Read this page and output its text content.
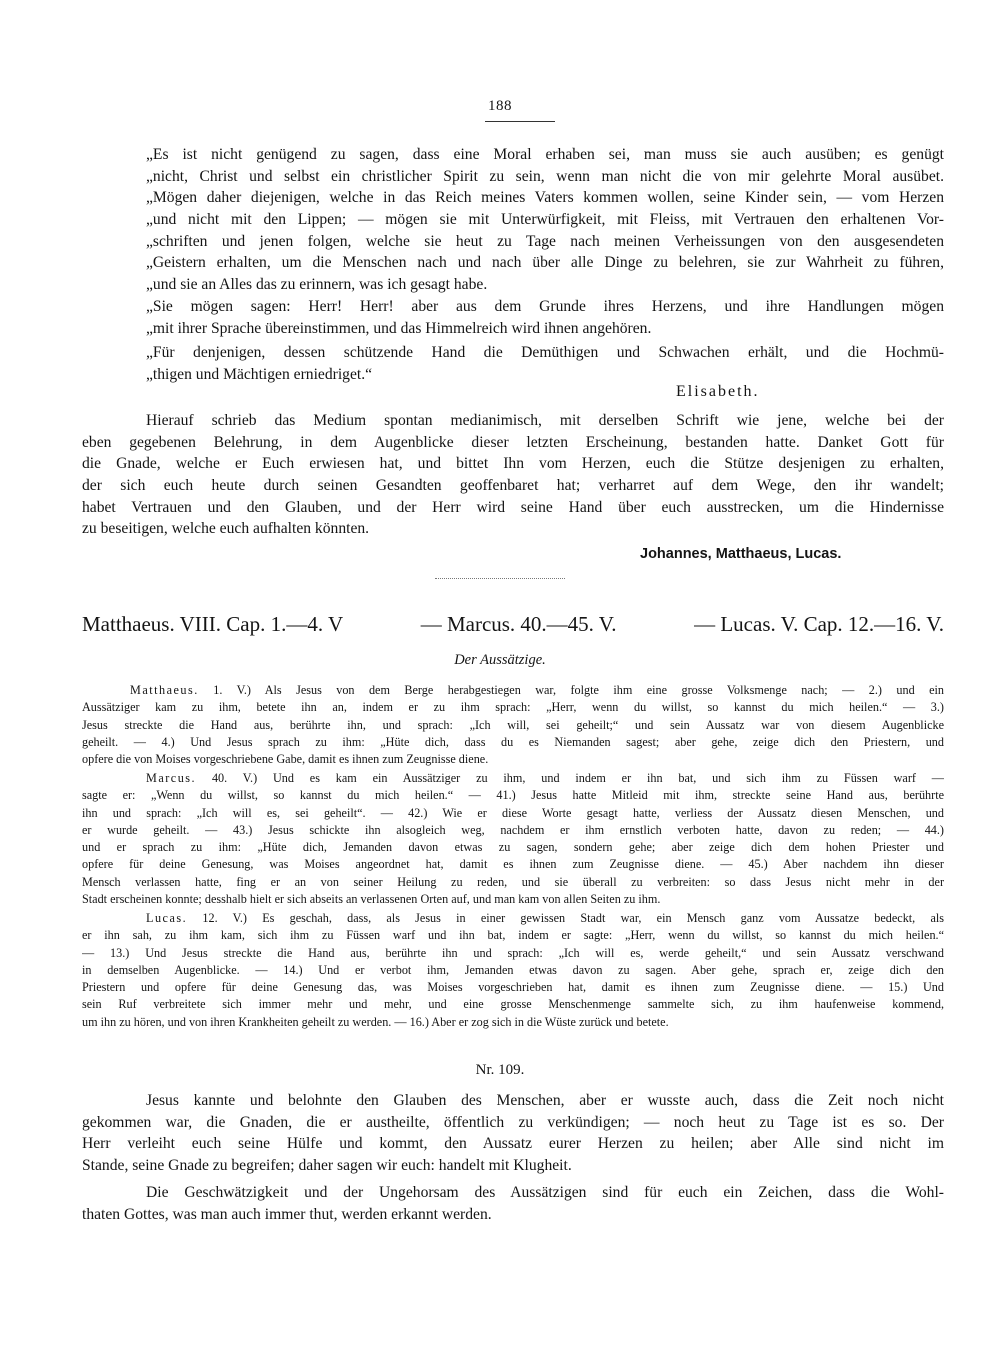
188
„Es ist nicht genügend zu sagen, dass eine Moral erhaben sei, man muss sie auch ausüben; es genügt
„nicht, Christ und selbst ein christlicher Spirit zu sein, wenn man nicht die von mir gelehrte Moral ausübet.
„Mögen daher diejenigen, welche in das Reich meines Vaters kommen wollen, seine Kinder sein, — vom Herzen
„und nicht mit den Lippen; — mögen sie mit Unterwürfigkeit, mit Fleiss, mit Vertrauen den erhaltenen Vor-
„schriften und jenen folgen, welche sie heut zu Tage nach meinen Verheissungen von den ausgesendeten
„Geistern erhalten, um die Menschen nach und nach über alle Dinge zu belehren, sie zur Wahrheit zu führen,
„und sie an Alles das zu erinnern, was ich gesagt habe.
„Sie mögen sagen: Herr! Herr! aber aus dem Grunde ihres Herzens, und ihre Handlungen mögen
„mit ihrer Sprache übereinstimmen, und das Himmelreich wird ihnen angehören.
„Für denjenigen, dessen schützende Hand die Demüthigen und Schwachen erhält, und die Hochmü-
„thigen und Mächtigen erniedriget.“
Elisabeth.
Hierauf schrieb das Medium spontan medianimisch, mit derselben Schrift wie jene, welche bei der
eben gegebenen Belehrung, in dem Augenblicke dieser letzten Erscheinung, bestanden hatte. Danket Gott für
die Gnade, welche er Euch erwiesen hat, und bittet Ihn vom Herzen, euch die Stütze desjenigen zu erhalten,
der sich euch heute durch seinen Gesandten geoffenbaret hat; verharret auf dem Wege, den ihr wandelt;
habet Vertrauen und den Glauben, und der Herr wird seine Hand über euch ausstrecken, um die Hindernisse
zu beseitigen, welche euch aufhalten könnten.
Johannes, Matthaeus, Lucas.
Matthaeus. VIII. Cap. 1.—4. V	— Marcus. 40.—45. V.	— Lucas. V. Cap. 12.—16. V.
Der Aussätzige.
Matthaeus. 1. V.) Als Jesus von dem Berge herabgestiegen war, folgte ihm eine grosse Volksmenge nach; — 2.) und ein
Aussätziger kam zu ihm, betete ihn an, indem er zu ihm sprach: „Herr, wenn du willst, so kannst du mich heilen.“ — 3.)
Jesus streckte die Hand aus, berührte ihn, und sprach: „Ich will, sei geheilt;“ und sein Aussatz war von diesem Augenblicke
geheilt. — 4.) Und Jesus sprach zu ihm: „Hüte dich, dass du es Niemanden sagest; aber gehe, zeige dich den Priestern, und
opfere die von Moises vorgeschriebene Gabe, damit es ihnen zum Zeugnisse diene.
Marcus. 40. V.) Und es kam ein Aussätziger zu ihm, und indem er ihn bat, und sich ihm zu Füssen warf —
sagte er: „Wenn du willst, so kannst du mich heilen.“ — 41.) Jesus hatte Mitleid mit ihm, streckte seine Hand aus, berührte
ihn und sprach: „Ich will es, sei geheilt“. — 42.) Wie er diese Worte gesagt hatte, verliess der Aussatz diesen Menschen, und
er wurde geheilt. — 43.) Jesus schickte ihn alsogleich weg, nachdem er ihm ernstlich verboten hatte, davon zu reden; — 44.)
und er sprach zu ihm: „Hüte dich, Jemanden davon etwas zu sagen, sondern gehe; aber zeige dich dem hohen Priester und
opfere für deine Genesung, was Moises angeordnet hat, damit es ihnen zum Zeugnisse diene. — 45.) Aber nachdem ihn dieser
Mensch verlassen hatte, fing er an von seiner Heilung zu reden, und sie überall zu verbreiten: so dass Jesus nicht mehr in der
Stadt erscheinen konnte; desshalb hielt er sich abseits an verlassenen Orten auf, und man kam von allen Seiten zu ihm.
Lucas. 12. V.) Es geschah, dass, als Jesus in einer gewissen Stadt war, ein Mensch ganz vom Aussatze bedeckt, als
er ihn sah, zu ihm kam, sich ihm zu Füssen warf und ihn bat, indem er sagte: „Herr, wenn du willst, so kannst du mich heilen.“
— 13.) Und Jesus streckte die Hand aus, berührte ihn und sprach: „Ich will es, werde geheilt,“ und sein Aussatz verschwand
in demselben Augenblicke. — 14.) Und er verbot ihm, Jemanden etwas davon zu sagen. Aber gehe, sprach er, zeige dich den
Priestern und opfere für deine Genesung das, was Moises vorgeschrieben hat, damit es ihnen zum Zeugnisse diene. — 15.) Und
sein Ruf verbreitete sich immer mehr und mehr, und eine grosse Menschenmenge sammelte sich, zu ihm haufenweise kommend,
um ihn zu hören, und von ihren Krankheiten geheilt zu werden. — 16.) Aber er zog sich in die Wüste zurück und betete.
Nr. 109.
Jesus kannte und belohnte den Glauben des Menschen, aber er wusste auch, dass die Zeit noch nicht
gekommen war, die Gnaden, die er austheilte, öffentlich zu verkündigen; — noch heut zu Tage ist es so. Der
Herr verleiht euch seine Hülfe und kommt, den Aussatz eurer Herzen zu heilen; aber Alle sind nicht im
Stande, seine Gnade zu begreifen; daher sagen wir euch: handelt mit Klugheit.
Die Geschwätzigkeit und der Ungehorsam des Aussätzigen sind für euch ein Zeichen, dass die Wohl-
thaten Gottes, was man auch immer thut, werden erkannt werden.
